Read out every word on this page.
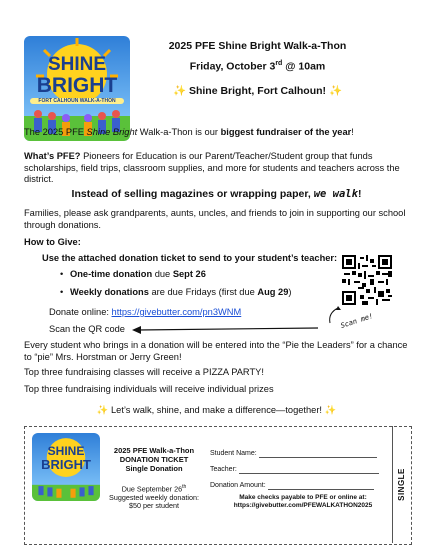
SHINE
BRIGHT
FORT CALHOUN WALK-A-THON
2025 PFE Shine Bright Walk-a-Thon
Friday, October 3rd @ 10am
✨ Shine Bright, Fort Calhoun! ✨
The 2025 PFE Shine Bright Walk-a-Thon is our biggest fundraiser of the year!
What’s PFE? Pioneers for Education is our Parent/Teacher/Student group that funds scholarships, field trips, classroom supplies, and more for students and teachers across the district.
Instead of selling magazines or wrapping paper, we walk!
Families, please ask grandparents, aunts, uncles, and friends to join in supporting our school through donations.
How to Give:
Use the attached donation ticket to send to your student’s teacher:
• One-time donation due Sept 26
• Weekly donations are due Fridays (first due Aug 29)
Donate online: https://givebutter.com/pn3WNM
Scan the QR code	Scan me!
Every student who brings in a donation will be entered into the “Pie the Leaders” for a chance to “pie” Mrs. Horstman or Jerry Green!
Top three fundraising classes will receive a PIZZA PARTY!
Top three fundraising individuals will receive individual prizes
✨ Let’s walk, shine, and make a difference—together! ✨
SHINE
BRIGHT
2025 PFE Walk-a-Thon
DONATION TICKET
Single Donation
Due September 26th
Suggested weekly donation:
$50 per student
Student Name:
Teacher:
Donation Amount:
Make checks payable to PFE or online at:
https://givebutter.com/PFEWALKATHON2025
SINGLE
